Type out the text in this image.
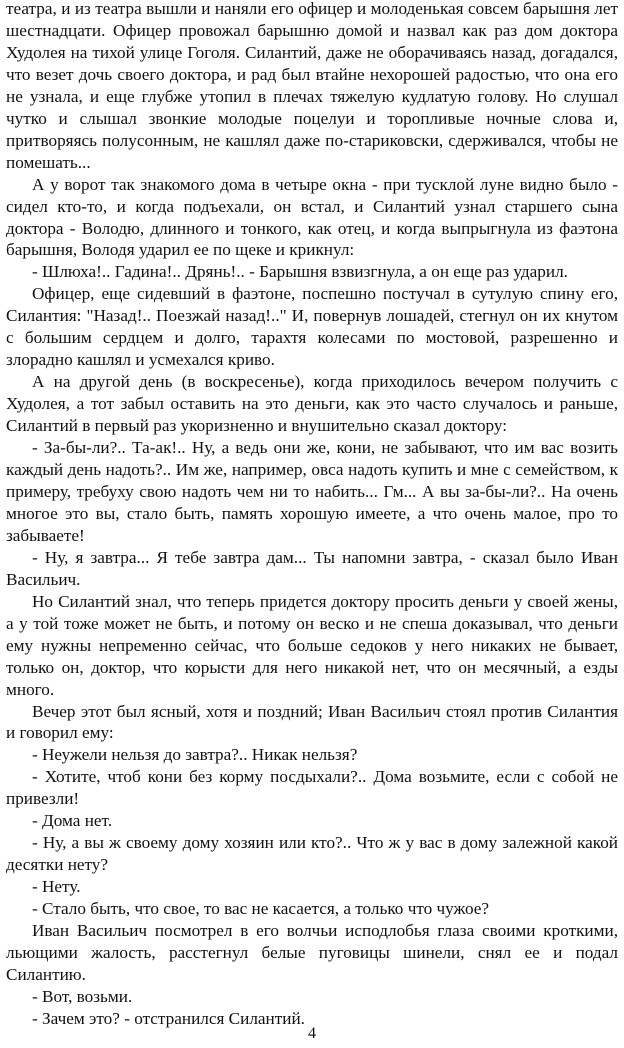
театра, и из театра вышли и наняли его офицер и молоденькая совсем барышня лет шестнадцати. Офицер провожал барышню домой и назвал как раз дом доктора Худолея на тихой улице Гоголя. Силантий, даже не оборачиваясь назад, догадался, что везет дочь своего доктора, и рад был втайне нехорошей радостью, что она его не узнала, и еще глубже утопил в плечах тяжелую кудлатую голову. Но слушал чутко и слышал звонкие молодые поцелуи и торопливые ночные слова и, притворяясь полусонным, не кашлял даже по-стариковски, сдерживался, чтобы не помешать...

А у ворот так знакомого дома в четыре окна - при тусклой луне видно было - сидел кто-то, и когда подъехали, он встал, и Силантий узнал старшего сына доктора - Володю, длинного и тонкого, как отец, и когда выпрыгнула из фаэтона барышня, Володя ударил ее по щеке и крикнул:

- Шлюха!.. Гадина!.. Дрянь!.. - Барышня взвизгнула, а он еще раз ударил.

Офицер, еще сидевший в фаэтоне, поспешно постучал в сутулую спину его, Силантия: "Назад!.. Поезжай назад!.." И, повернув лошадей, стегнул он их кнутом с большим сердцем и долго, тарахтя колесами по мостовой, разрешенно и злорадно кашлял и усмехался криво.

А на другой день (в воскресенье), когда приходилось вечером получить с Худолея, а тот забыл оставить на это деньги, как это часто случалось и раньше, Силантий в первый раз укоризненно и внушительно сказал доктору:

- За-бы-ли?.. Та-ак!.. Ну, а ведь они же, кони, не забывают, что им вас возить каждый день надоть?.. Им же, например, овса надоть купить и мне с семейством, к примеру, требуху свою надоть чем ни то набить... Гм... А вы за-бы-ли?.. На очень многое это вы, стало быть, память хорошую имеете, а что очень малое, про то забываете!

- Ну, я завтра... Я тебе завтра дам... Ты напомни завтра, - сказал было Иван Васильич.

Но Силантий знал, что теперь придется доктору просить деньги у своей жены, а у той тоже может не быть, и потому он веско и не спеша доказывал, что деньги ему нужны непременно сейчас, что больше седоков у него никаких не бывает, только он, доктор, что корысти для него никакой нет, что он месячный, а езды много.

Вечер этот был ясный, хотя и поздний; Иван Васильич стоял против Силантия и говорил ему:

- Неужели нельзя до завтра?.. Никак нельзя?

- Хотите, чтоб кони без корму посдыхали?.. Дома возьмите, если с собой не привезли!

- Дома нет.

- Ну, а вы ж своему дому хозяин или кто?.. Что ж у вас в дому залежной какой десятки нету?

- Нету.

- Стало быть, что свое, то вас не касается, а только что чужое?

Иван Васильич посмотрел в его волчьи исподлобья глаза своими кроткими, льющими жалость, расстегнул белые пуговицы шинели, снял ее и подал Силантию.

- Вот, возьми.

- Зачем это? - отстранился Силантий.

4
